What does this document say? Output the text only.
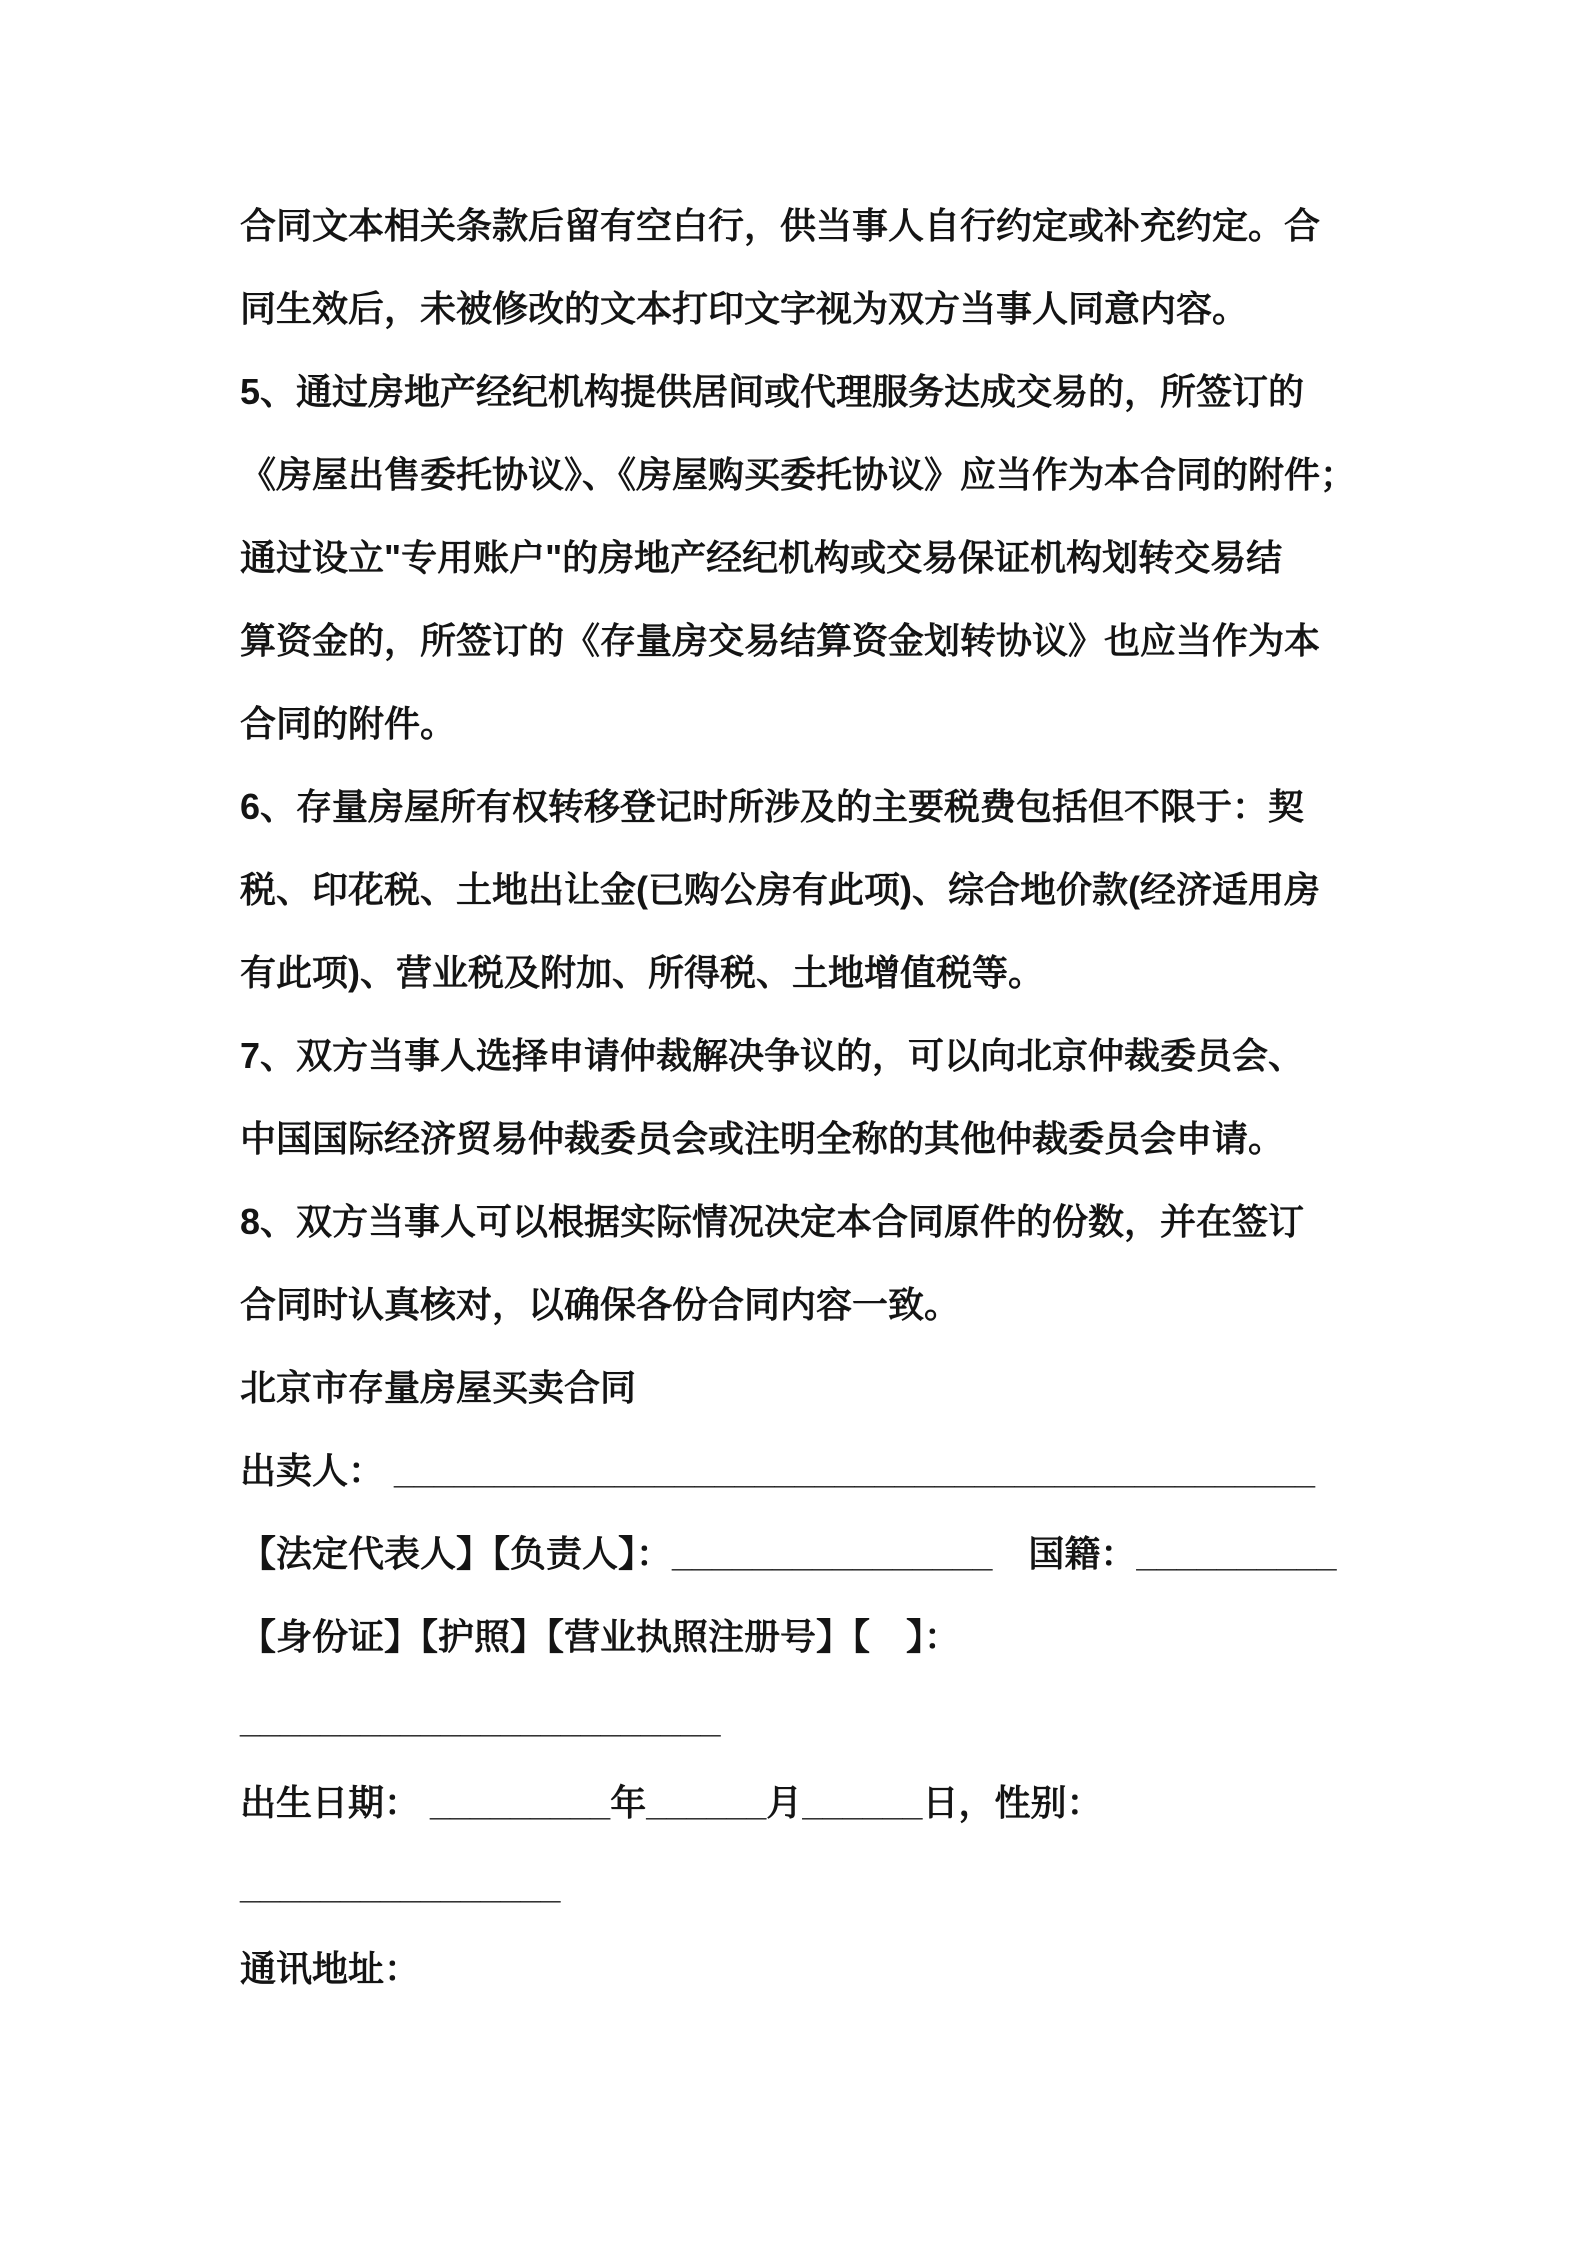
合同文本相关条款后留有空白行，供当事人自行约定或补充约定。合
同生效后，未被修改的文本打印文字视为双方当事人同意内容。
5、通过房地产经纪机构提供居间或代理服务达成交易的，所签订的
《房屋出售委托协议》、《房屋购买委托协议》应当作为本合同的附件；
通过设立"专用账户"的房地产经纪机构或交易保证机构划转交易结
算资金的，所签订的《存量房交易结算资金划转协议》也应当作为本
合同的附件。
6、存量房屋所有权转移登记时所涉及的主要税费包括但不限于：契
税、印花税、土地出让金(已购公房有此项)、综合地价款(经济适用房
有此项)、营业税及附加、所得税、土地增值税等。
7、双方当事人选择申请仲裁解决争议的，可以向北京仲裁委员会、
中国国际经济贸易仲裁委员会或注明全称的其他仲裁委员会申请。
8、双方当事人可以根据实际情况决定本合同原件的份数，并在签订
合同时认真核对，以确保各份合同内容一致。
北京市存量房屋买卖合同
出卖人： ______________________________________________
【法定代表人】【负责人】：________________　国籍：__________
【身份证】【护照】【营业执照注册号】【　】：
________________________
出生日期： _________年______月______日，性别：
________________
通讯地址：
